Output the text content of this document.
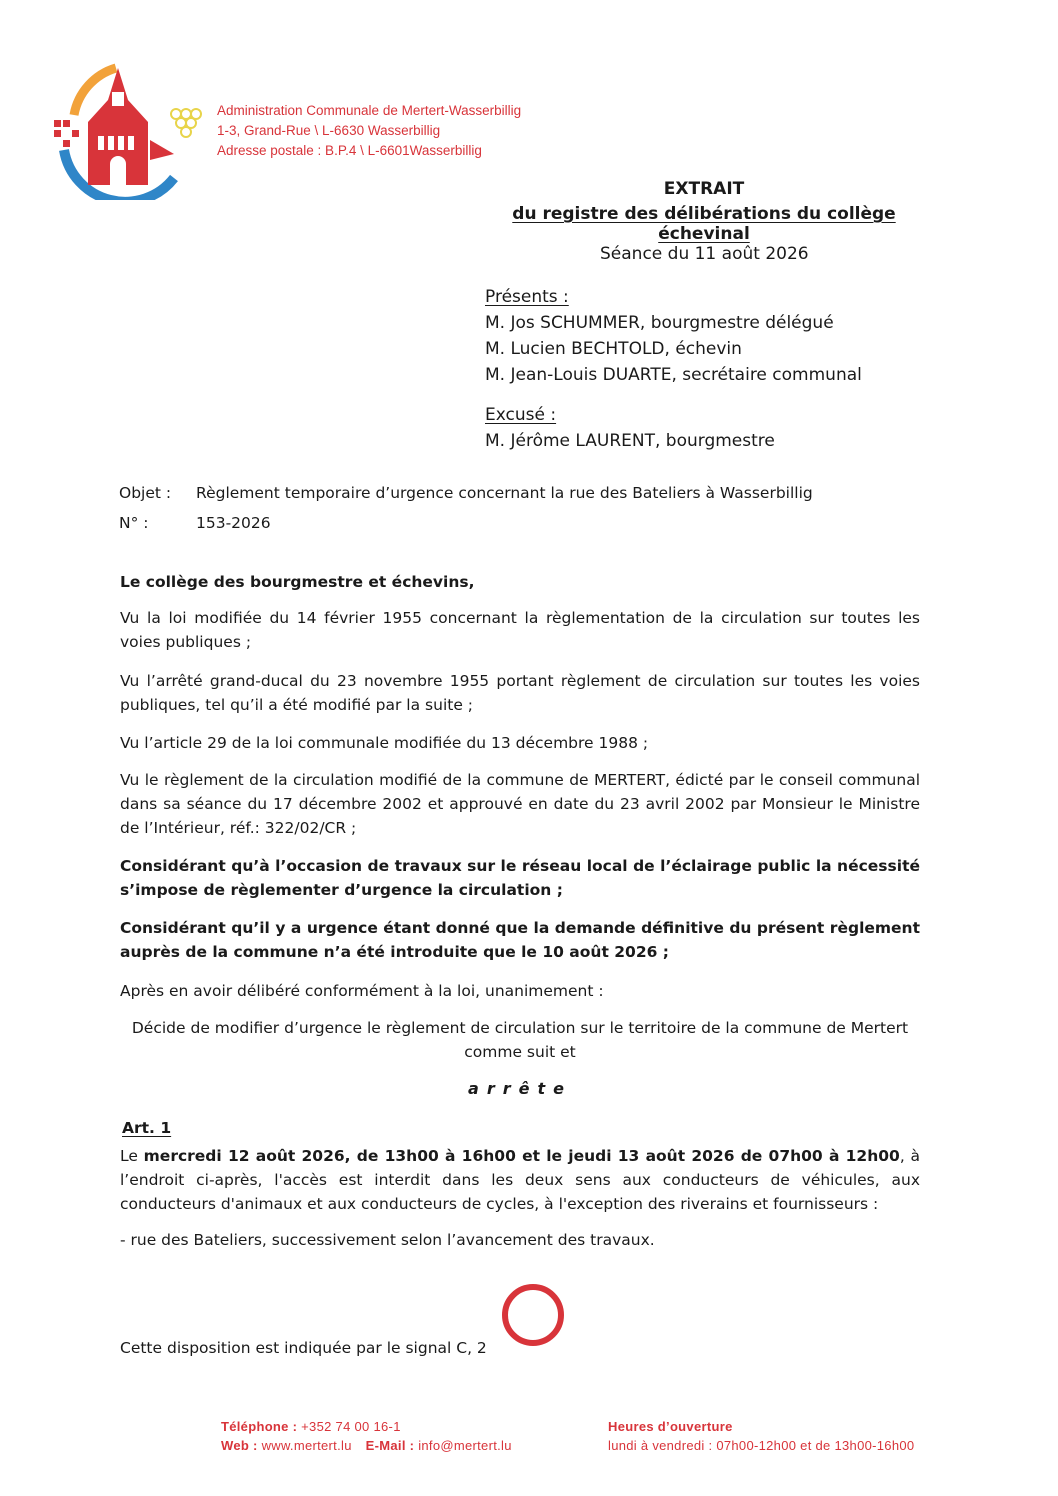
Administration Communale de Mertert-Wasserbillig
1-3, Grand-Rue \ L-6630 Wasserbillig
Adresse postale : B.P.4 \ L-6601Wasserbillig
EXTRAIT
du registre des délibérations du collège échevinal
Séance du 11 août 2026
Présents :
M. Jos SCHUMMER, bourgmestre délégué
M. Lucien BECHTOLD, échevin
M. Jean-Louis DUARTE, secrétaire communal
Excusé :
M. Jérôme LAURENT, bourgmestre
Objet : Règlement temporaire d’urgence concernant la rue des Bateliers à Wasserbillig
N° :	153-2026
Le collège des bourgmestre et échevins,
Vu la loi modifiée du 14 février 1955 concernant la règlementation de la circulation sur toutes les voies publiques ;
Vu l’arrêté grand-ducal du 23 novembre 1955 portant règlement de circulation sur toutes les voies publiques, tel qu’il a été modifié par la suite ;
Vu l’article 29 de la loi communale modifiée du 13 décembre 1988 ;
Vu le règlement de la circulation modifié de la commune de MERTERT, édicté par le conseil communal dans sa séance du 17 décembre 2002 et approuvé en date du 23 avril 2002 par Monsieur le Ministre de l’Intérieur, réf.: 322/02/CR ;
Considérant qu’à l’occasion de travaux sur le réseau local de l’éclairage public la nécessité s’impose de règlementer d’urgence la circulation ;
Considérant qu’il y a urgence étant donné que la demande définitive du présent règlement auprès de la commune n’a été introduite que le 10 août 2026 ;
Après en avoir délibéré conformément à la loi, unanimement :
Décide de modifier d’urgence le règlement de circulation sur le territoire de la commune de Mertert comme suit et
arrête
Art. 1
Le mercredi 12 août 2026, de 13h00 à 16h00 et le jeudi 13 août 2026 de 07h00 à 12h00, à l’endroit ci-après, l'accès est interdit dans les deux sens aux conducteurs de véhicules, aux conducteurs d'animaux et aux conducteurs de cycles, à l'exception des riverains et fournisseurs :
- rue des Bateliers, successivement selon l’avancement des travaux.
Cette disposition est indiquée par le signal C, 2
Téléphone : +352 74 00 16-1
Web : www.mertert.lu E-Mail : info@mertert.lu
Heures d’ouverture
lundi à vendredi : 07h00-12h00 et de 13h00-16h00
